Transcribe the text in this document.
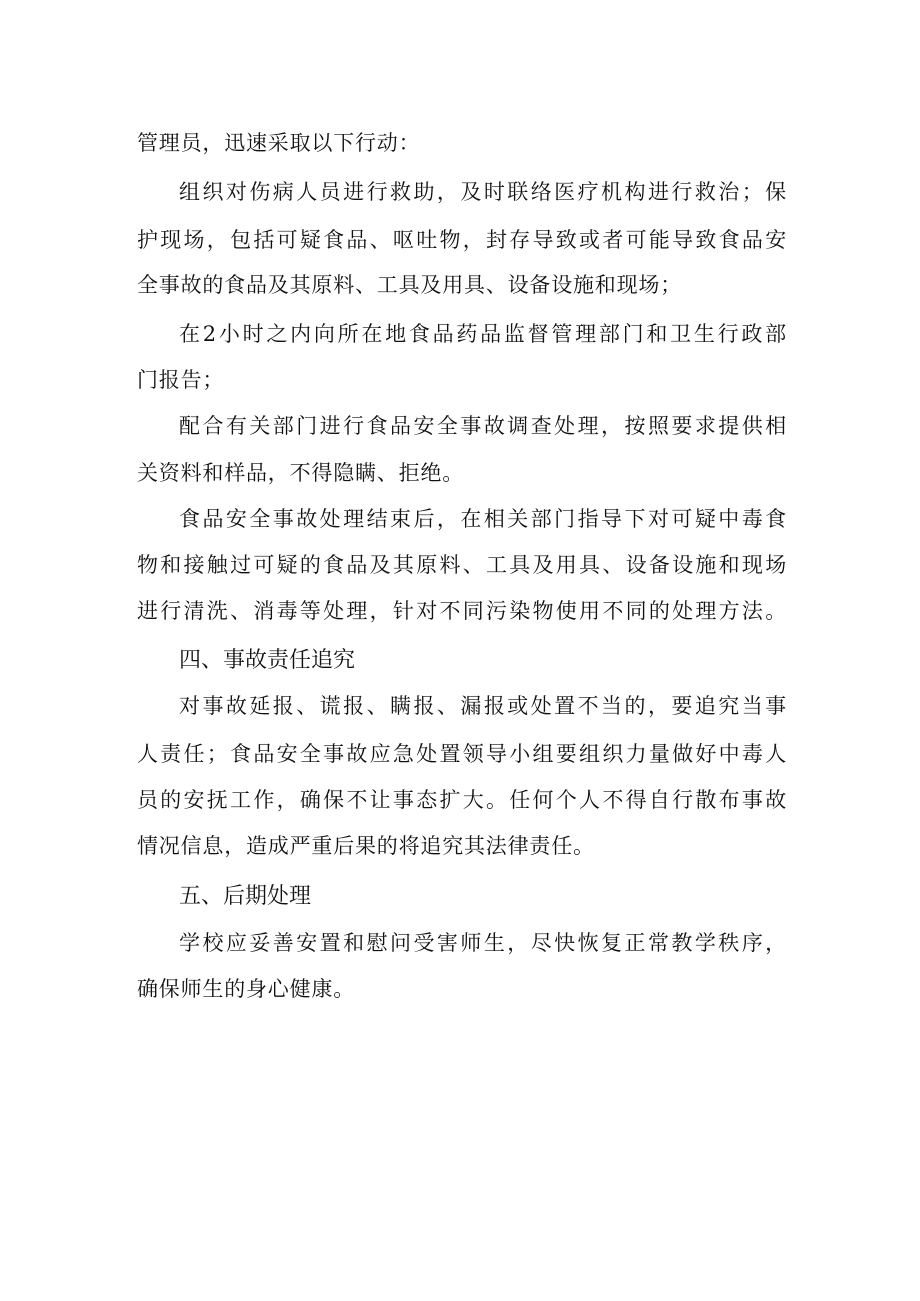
管理员，迅速采取以下行动：
组织对伤病人员进行救助，及时联络医疗机构进行救治；保
护现场，包括可疑食品、呕吐物，封存导致或者可能导致食品安
全事故的食品及其原料、工具及用具、设备设施和现场；
在2小时之内向所在地食品药品监督管理部门和卫生行政部
门报告；
配合有关部门进行食品安全事故调查处理，按照要求提供相
关资料和样品，不得隐瞒、拒绝。
食品安全事故处理结束后，在相关部门指导下对可疑中毒食
物和接触过可疑的食品及其原料、工具及用具、设备设施和现场
进行清洗、消毒等处理，针对不同污染物使用不同的处理方法。
四、事故责任追究
对事故延报、谎报、瞒报、漏报或处置不当的，要追究当事
人责任；食品安全事故应急处置领导小组要组织力量做好中毒人
员的安抚工作，确保不让事态扩大。任何个人不得自行散布事故
情况信息，造成严重后果的将追究其法律责任。
五、后期处理
学校应妥善安置和慰问受害师生，尽快恢复正常教学秩序，
确保师生的身心健康。
